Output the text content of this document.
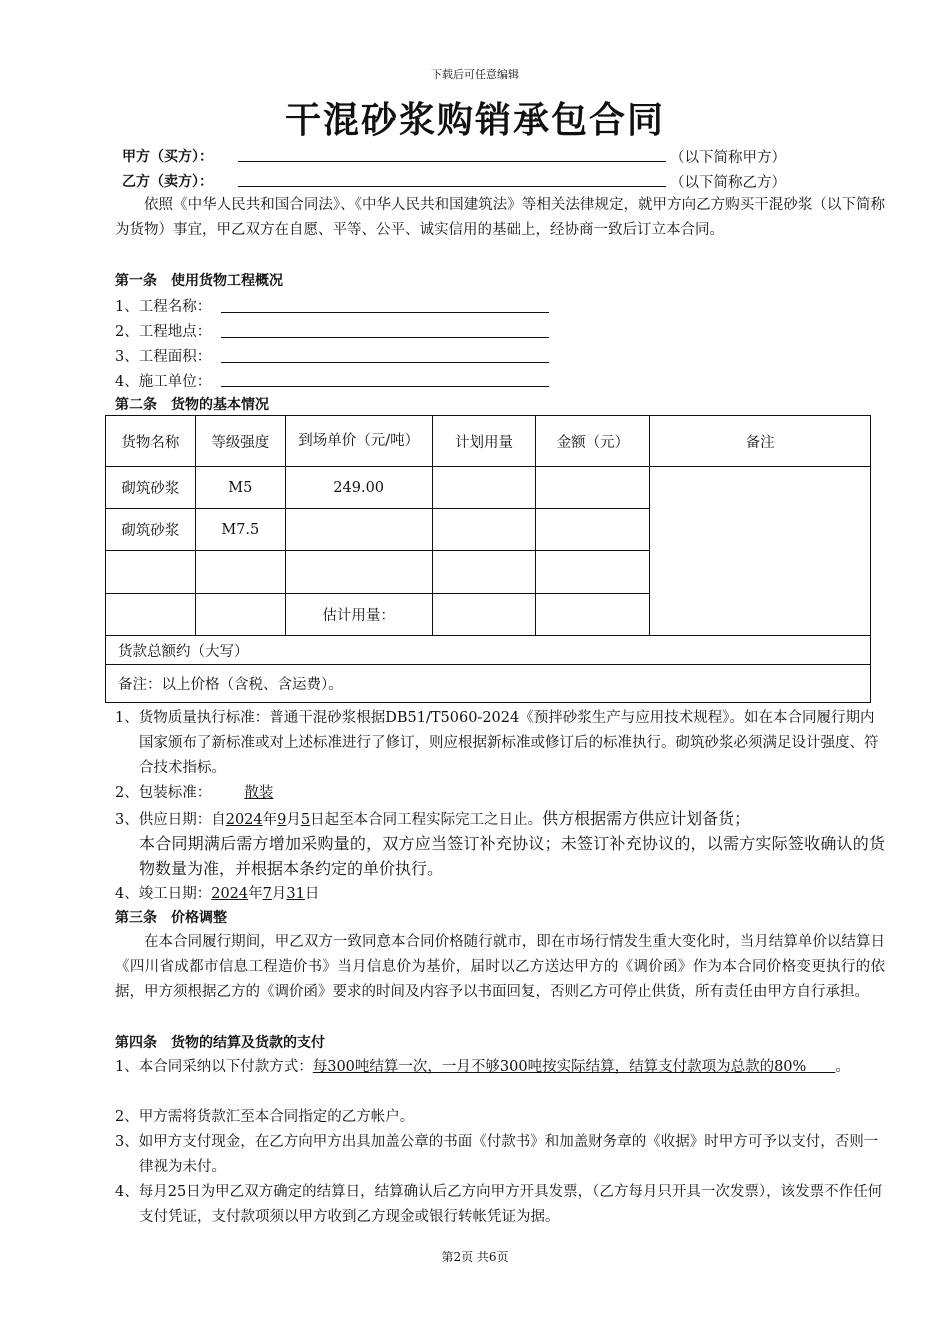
下载后可任意编辑
干混砂浆购销承包合同
甲方（买方）：	（以下简称甲方）
乙方（卖方）：	（以下简称乙方）
依照《中华人民共和国合同法》、《中华人民共和国建筑法》等相关法律规定，就甲方向乙方购买干混砂浆（以下简称为货物）事宜，甲乙双方在自愿、平等、公平、诚实信用的基础上，经协商一致后订立本合同。
第一条　使用货物工程概况
1、工程名称：
2、工程地点：
3、工程面积：
4、施工单位：
第二条　货物的基本情况
货物名称	等级强度	到场单价（元/吨）	计划用量	金额（元）	备注
砌筑砂浆	M5	249.00			
砌筑砂浆	M7.5				

		估计用量：			
货款总额约（大写）					
备注：以上价格（含税、含运费）。					
1、货物质量执行标准：普通干混砂浆根据DB51/T5060-2024《预拌砂浆生产与应用技术规程》。如在本合同履行期内国家颁布了新标准或对上述标准进行了修订，则应根据新标准或修订后的标准执行。砌筑砂浆必须满足设计强度、符合技术指标。
2、包装标准： 散装
3、供应日期：自2024年9月5日起至本合同工程实际完工之日止。供方根据需方供应计划备货；
本合同期满后需方增加采购量的，双方应当签订补充协议；未签订补充协议的，以需方实际签收确认的货物数量为准，并根据本条约定的单价执行。
4、竣工日期：2024年7月31日
第三条　价格调整
在本合同履行期间，甲乙双方一致同意本合同价格随行就市，即在市场行情发生重大变化时，当月结算单价以结算日《四川省成都市信息工程造价书》当月信息价为基价，届时以乙方送达甲方的《调价函》作为本合同价格变更执行的依据，甲方须根据乙方的《调价函》要求的时间及内容予以书面回复，否则乙方可停止供货，所有责任由甲方自行承担。
第四条　货物的结算及货款的支付
1、本合同采纳以下付款方式：每300吨结算一次，一月不够300吨按实际结算，结算支付款项为总款的80%   。
2、甲方需将货款汇至本合同指定的乙方帐户。
3、如甲方支付现金，在乙方向甲方出具加盖公章的书面《付款书》和加盖财务章的《收据》时甲方可予以支付，否则一律视为未付。
4、每月25日为甲乙双方确定的结算日，结算确认后乙方向甲方开具发票，（乙方每月只开具一次发票），该发票不作任何支付凭证，支付款项须以甲方收到乙方现金或银行转帐凭证为据。
第2页 共6页
